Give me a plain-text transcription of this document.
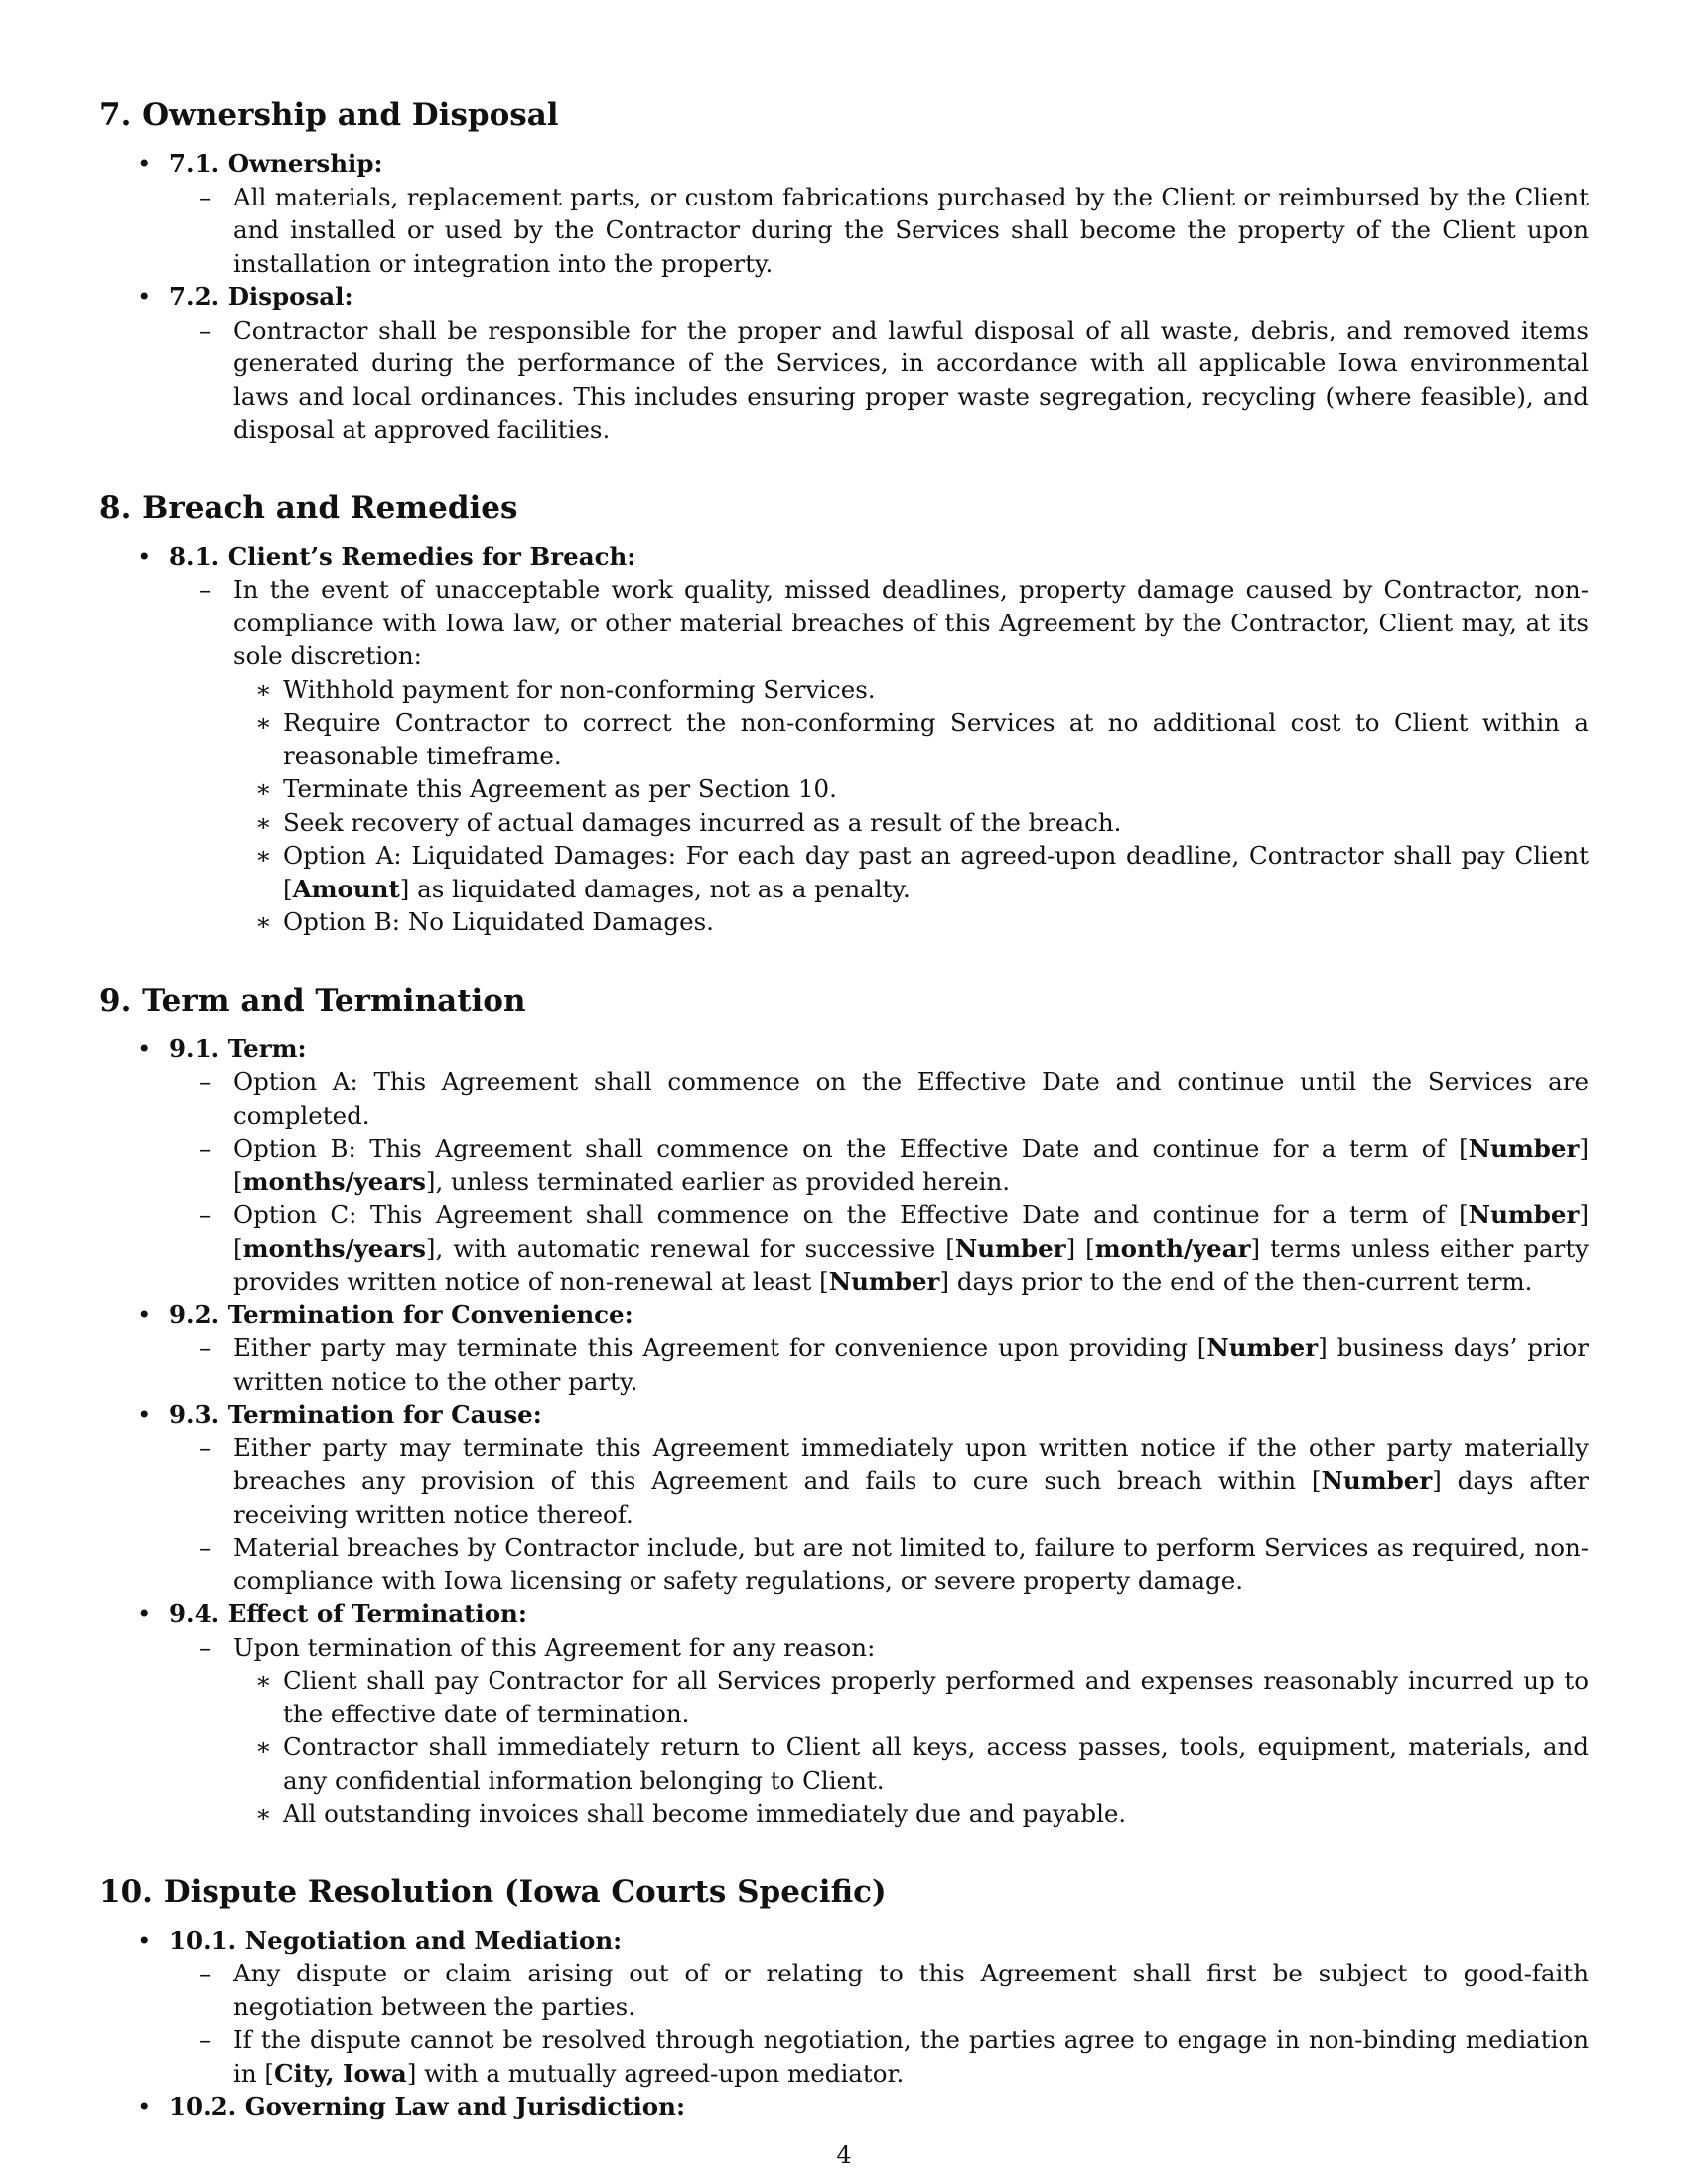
7. Ownership and Disposal
• 7.1. Ownership:
– All materials, replacement parts, or custom fabrications purchased by the Client or reimbursed by the Client and installed or used by the Contractor during the Services shall become the property of the Client upon installation or integration into the property.
• 7.2. Disposal:
– Contractor shall be responsible for the proper and lawful disposal of all waste, debris, and removed items generated during the performance of the Services, in accordance with all applicable Iowa environmental laws and local ordinances. This includes ensuring proper waste segregation, recycling (where feasible), and disposal at approved facilities.
8. Breach and Remedies
• 8.1. Client’s Remedies for Breach:
– In the event of unacceptable work quality, missed deadlines, property damage caused by Contractor, non-compliance with Iowa law, or other material breaches of this Agreement by the Contractor, Client may, at its sole discretion:
∗ Withhold payment for non-conforming Services.
∗ Require Contractor to correct the non-conforming Services at no additional cost to Client within a reasonable timeframe.
∗ Terminate this Agreement as per Section 10.
∗ Seek recovery of actual damages incurred as a result of the breach.
∗ Option A: Liquidated Damages: For each day past an agreed-upon deadline, Contractor shall pay Client [Amount] as liquidated damages, not as a penalty.
∗ Option B: No Liquidated Damages.
9. Term and Termination
• 9.1. Term:
– Option A: This Agreement shall commence on the Effective Date and continue until the Services are completed.
– Option B: This Agreement shall commence on the Effective Date and continue for a term of [Number] [months/years], unless terminated earlier as provided herein.
– Option C: This Agreement shall commence on the Effective Date and continue for a term of [Number] [months/years], with automatic renewal for successive [Number] [month/year] terms unless either party provides written notice of non-renewal at least [Number] days prior to the end of the then-current term.
• 9.2. Termination for Convenience:
– Either party may terminate this Agreement for convenience upon providing [Number] business days’ prior written notice to the other party.
• 9.3. Termination for Cause:
– Either party may terminate this Agreement immediately upon written notice if the other party materially breaches any provision of this Agreement and fails to cure such breach within [Number] days after receiving written notice thereof.
– Material breaches by Contractor include, but are not limited to, failure to perform Services as required, non-compliance with Iowa licensing or safety regulations, or severe property damage.
• 9.4. Effect of Termination:
– Upon termination of this Agreement for any reason:
∗ Client shall pay Contractor for all Services properly performed and expenses reasonably incurred up to the effective date of termination.
∗ Contractor shall immediately return to Client all keys, access passes, tools, equipment, materials, and any confidential information belonging to Client.
∗ All outstanding invoices shall become immediately due and payable.
10. Dispute Resolution (Iowa Courts Specific)
• 10.1. Negotiation and Mediation:
– Any dispute or claim arising out of or relating to this Agreement shall first be subject to good-faith negotiation between the parties.
– If the dispute cannot be resolved through negotiation, the parties agree to engage in non-binding mediation in [City, Iowa] with a mutually agreed-upon mediator.
• 10.2. Governing Law and Jurisdiction:
4
